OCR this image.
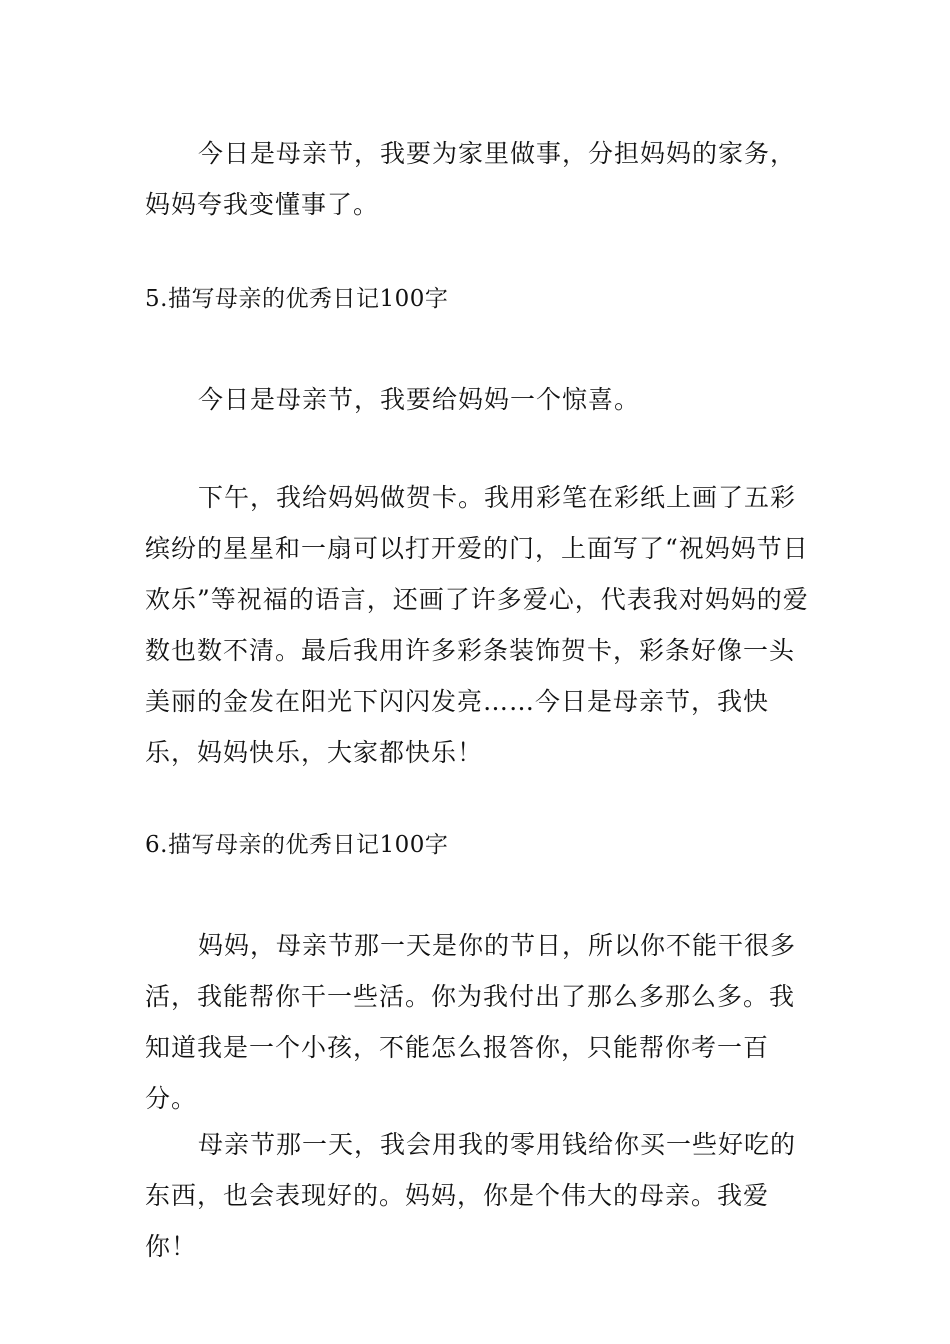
今日是母亲节，我要为家里做事，分担妈妈的家务，妈妈夸我变懂事了。

5.描写母亲的优秀日记100字

今日是母亲节，我要给妈妈一个惊喜。

下午，我给妈妈做贺卡。我用彩笔在彩纸上画了五彩缤纷的星星和一扇可以打开爱的门，上面写了“祝妈妈节日欢乐”等祝福的语言，还画了许多爱心，代表我对妈妈的爱数也数不清。最后我用许多彩条装饰贺卡，彩条好像一头美丽的金发在阳光下闪闪发亮……今日是母亲节，我快乐，妈妈快乐，大家都快乐！

6.描写母亲的优秀日记100字

妈妈，母亲节那一天是你的节日，所以你不能干很多活，我能帮你干一些活。你为我付出了那么多那么多。我知道我是一个小孩，不能怎么报答你，只能帮你考一百分。

母亲节那一天，我会用我的零用钱给你买一些好吃的东西，也会表现好的。妈妈，你是个伟大的母亲。我爱你！
